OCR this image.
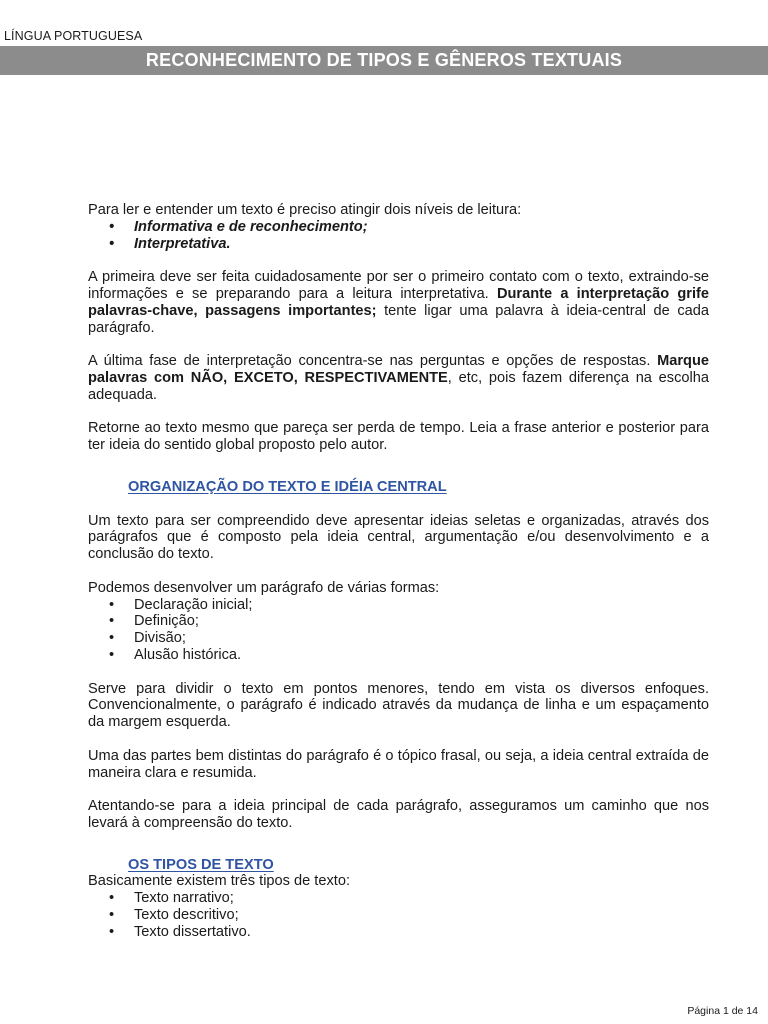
LÍNGUA PORTUGUESA
RECONHECIMENTO DE TIPOS E GÊNEROS TEXTUAIS

Para ler e entender um texto é preciso atingir dois níveis de leitura:

• Informativa e de reconhecimento;
• Interpretativa.

A primeira deve ser feita cuidadosamente por ser o primeiro contato com o texto, extraindo-se informações e se preparando para a leitura interpretativa. Durante a interpretação grife palavras-chave, passagens importantes; tente ligar uma palavra à ideia-central de cada parágrafo.

A última fase de interpretação concentra-se nas perguntas e opções de respostas. Marque palavras com NÃO, EXCETO, RESPECTIVAMENTE, etc, pois fazem diferença na escolha adequada.

Retorne ao texto mesmo que pareça ser perda de tempo. Leia a frase anterior e posterior para ter ideia do sentido global proposto pelo autor.

ORGANIZAÇÃO DO TEXTO E IDÉIA CENTRAL

Um texto para ser compreendido deve apresentar ideias seletas e organizadas, através dos parágrafos que é composto pela ideia central, argumentação e/ou desenvolvimento e a conclusão do texto.

Podemos desenvolver um parágrafo de várias formas:

• Declaração inicial;
• Definição;
• Divisão;
• Alusão histórica.

Serve para dividir o texto em pontos menores, tendo em vista os diversos enfoques. Convencionalmente, o parágrafo é indicado através da mudança de linha e um espaçamento da margem esquerda.

Uma das partes bem distintas do parágrafo é o tópico frasal, ou seja, a ideia central extraída de maneira clara e resumida.

Atentando-se para a ideia principal de cada parágrafo, asseguramos um caminho que nos levará à compreensão do texto.

OS TIPOS DE TEXTO

Basicamente existem três tipos de texto:

• Texto narrativo;
• Texto descritivo;
• Texto dissertativo.
Página 1 de 14
